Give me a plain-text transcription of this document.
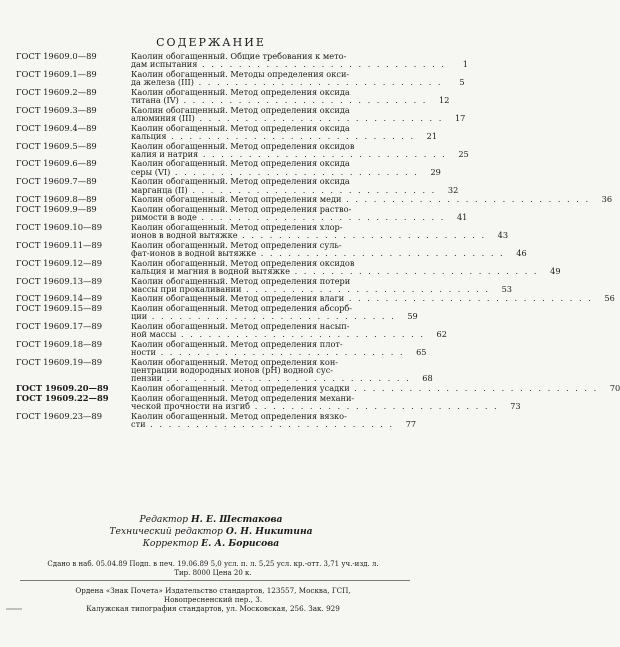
СОДЕРЖАНИЕ
ГОСТ 19609.0—89	Каолин обогащенный. Общие требования к мето-
дам испытания . . .	1
ГОСТ 19609.1—89	Каолин обогащенный. Методы определения окси-
да железа (III) . . .	5
ГОСТ 19609.2—89	Каолин обогащенный. Метод определения оксида
титана (IV) . . .	12
ГОСТ 19609.3—89	Каолин обогащенный. Метод определения оксида
алюминия (III) . . .	17
ГОСТ 19609.4—89	Каолин обогащенный. Метод определения оксида
кальция . . .	21
ГОСТ 19609.5—89	Каолин обогащенный. Метод определения оксидов
калия и натрия . . .	25
ГОСТ 19609.6—89	Каолин обогащенный. Метод определения оксида
серы (VI) . . .	29
ГОСТ 19609.7—89	Каолин обогащенный. Метод определения оксида
марганца (II) . . .	32
ГОСТ 19609.8—89	Каолин обогащенный. Метод определения меди . . .	36
ГОСТ 19609.9—89	Каолин обогащенный. Метод определения раство-
римости в воде . . .	41
ГОСТ 19609.10—89	Каолин обогащенный. Метод определения хлор-
ионов в водной вытяжке . . .	43
ГОСТ 19609.11—89	Каолин обогащенный. Метод определения суль-
фат-ионов в водной вытяжке . . .	46
ГОСТ 19609.12—89	Каолин обогащенный. Метод определения оксидов
кальция и магния в водной вытяжке . . .	49
ГОСТ 19609.13—89	Каолин обогащенный. Метод определения потери
массы при прокаливании . . .	53
ГОСТ 19609.14—89	Каолин обогащенный. Метод определения влаги . . .	56
ГОСТ 19609.15—89	Каолин обогащенный. Метод определения абсорб-
ции . . .	59
ГОСТ 19609.17—89	Каолин обогащенный. Метод определения насып-
ной массы . . .	62
ГОСТ 19609.18—89	Каолин обогащенный. Метод определения плот-
ности . . .	65
ГОСТ 19609.19—89	Каолин обогащенный. Метод определения кон-
центрации водородных ионов (pH) водной сус-
пензии . . .	68
ГОСТ 19609.20—89	Каолин обогащенный. Метод определения усадки . . .	70
ГОСТ 19609.22—89	Каолин обогащенный. Метод определения механи-
ческой прочности на изгиб . . .	73
ГОСТ 19609.23—89	Каолин обогащенный. Метод определения вязко-
сти . . .	77
Редактор Н. Е. Шестакова
Технический редактор О. Н. Никитина
Корректор Е. А. Борисова
Сдано в наб. 05.04.89 Подп. в печ. 19.06.89 5,0 усл. п. л. 5,25 усл. кр.-отт. 3,71 уч.-изд. л.
Тир. 8000 Цена 20 к.
Ордена «Знак Почета» Издательство стандартов, 123557, Москва, ГСП,
Новопресненский пер., 3.
Калужская типография стандартов, ул. Московская, 256. Зак. 929
